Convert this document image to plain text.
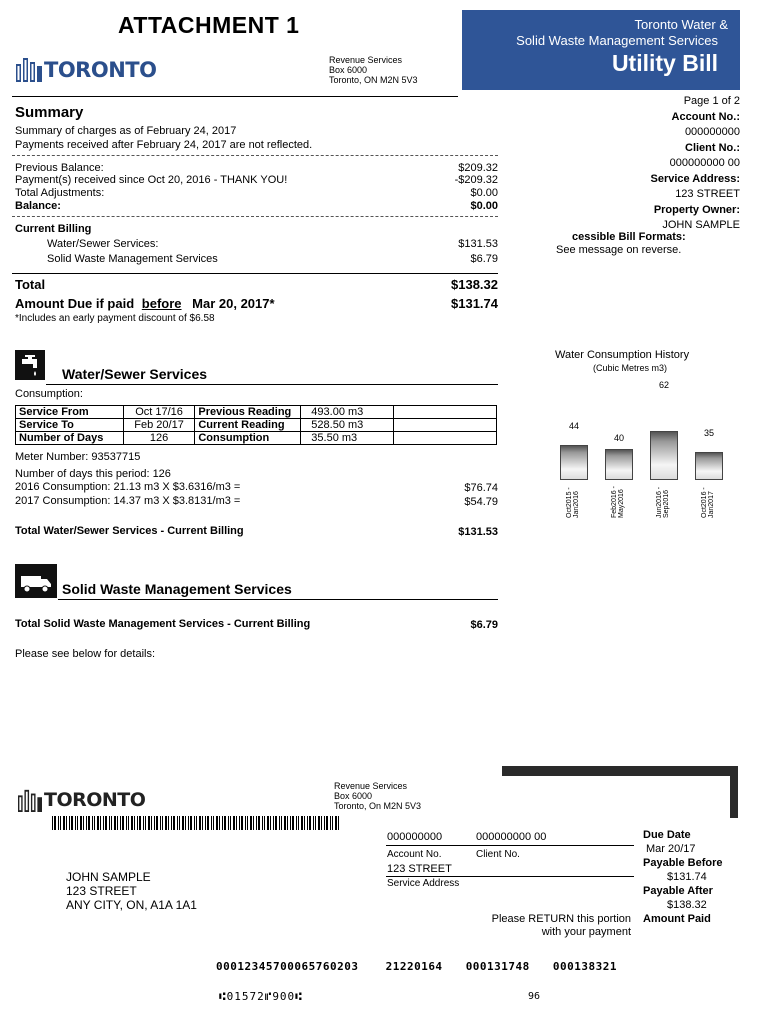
ATTACHMENT 1
TORONTO	Revenue Services
Box 6000
Toronto, ON M2N 5V3
Toronto Water &
Solid Waste Management Services
Utility Bill
Page 1 of 2
Account No.:
000000000
Client No.:
000000000 00
Service Address:
123 STREET
Property Owner:
JOHN SAMPLE
cessible Bill Formats:
See message on reverse.
Summary
Summary of charges as of February 24, 2017
Payments received after February 24, 2017 are not reflected.
Previous Balance:	$209.32
Payment(s) received since Oct 20, 2016 - THANK YOU!	-$209.32
Total Adjustments:	$0.00
Balance:	$0.00
Current Billing
Water/Sewer Services:	$131.53
Solid Waste Management Services	$6.79
Total	$138.32
Amount Due if paid before Mar 20, 2017*	$131.74
*Includes an early payment discount of $6.58
Water/Sewer Services
Consumption:
Service From	Oct 17/16	Previous Reading	493.00 m3	
Service To	Feb 20/17	Current Reading	528.50 m3	
Number of Days	126	Consumption	35.50 m3	
Meter Number: 93537715
Number of days this period: 126
2016 Consumption: 21.13 m3 X $3.6316/m3 =	$76.74
2017 Consumption: 14.37 m3 X $3.8131/m3 =	$54.79
Total Water/Sewer Services - Current Billing	$131.53
Water Consumption History
(Cubic Metres m3)
44
40
62
35
Oct2015 - Jan2016	Feb2016 - May2016	Jun2016 - Sep2016	Oct2016 - Jan2017
Solid Waste Management Services
Total Solid Waste Management Services - Current Billing	$6.79
Please see below for details:
TORONTO
Revenue Services
Box 6000
Toronto, On M2N 5V3
000000000	000000000 00
Account No.	Client No.
123 STREET
Service Address
JOHN SAMPLE
123 STREET
ANY CITY, ON, A1A 1A1
Due Date
Mar 20/17
Payable Before
$131.74
Payable After
$138.32
Amount Paid
Please RETURN this portion
with your payment
00012345700065760203 21220164 000131748 000138321
⑆01572⑈900⑆	96
